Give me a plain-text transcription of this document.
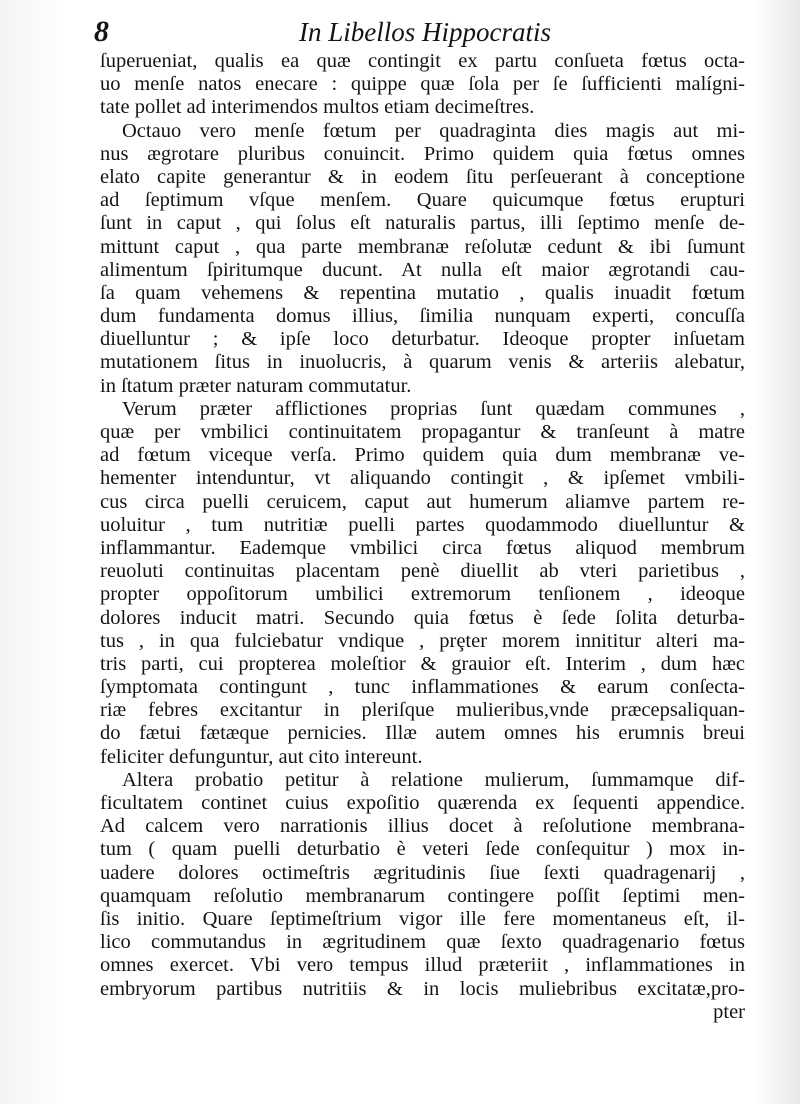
8	In Libellos Hippocratis
ſuperueniat, qualis ea quæ contingit ex partu conſueta fœtus octa-
uo menſe natos enecare : quippe quæ ſola per ſe ſufficienti malígni-
tate pollet ad interimendos multos etiam decimeſtres.
Octauo vero menſe fœtum per quadraginta dies magis aut mi-
nus ægrotare pluribus conuincit. Primo quidem quia fœtus omnes
elato capite generantur & in eodem ſitu perſeuerant à conceptione
ad ſeptimum vſque menſem. Quare quicumque fœtus erupturi
ſunt in caput , qui ſolus eſt naturalis partus, illi ſeptimo menſe de-
mittunt caput , qua parte membranæ reſolutæ cedunt & ibi ſumunt
alimentum ſpiritumque ducunt. At nulla eſt maior ægrotandi cau-
ſa quam vehemens & repentina mutatio , qualis inuadit fœtum
dum fundamenta domus illius, ſimilia nunquam experti, concuſſa
diuelluntur ; & ipſe loco deturbatur. Ideoque propter inſuetam
mutationem ſitus in inuolucris, à quarum venis & arteriis alebatur,
in ſtatum præter naturam commutatur.
Verum præter afflictiones proprias ſunt quædam communes ,
quæ per vmbilici continuitatem propagantur & tranſeunt à matre
ad fœtum viceque verſa. Primo quidem quia dum membranæ ve-
hementer intenduntur, vt aliquando contingit , & ipſemet vmbili-
cus circa puelli ceruicem, caput aut humerum aliamve partem re-
uoluitur , tum nutritiæ puelli partes quodammodo diuelluntur &
inflammantur. Eademque vmbilici circa fœtus aliquod membrum
reuoluti continuitas placentam penè diuellit ab vteri parietibus ,
propter oppoſitorum umbilici extremorum tenſionem , ideoque
dolores inducit matri. Secundo quia fœtus è ſede ſolita deturba-
tus , in qua fulciebatur vndique , prȩter morem innititur alteri ma-
tris parti, cui propterea moleſtior & grauior eſt. Interim , dum hæc
ſymptomata contingunt , tunc inflammationes & earum conſecta-
riæ febres excitantur in pleriſque mulieribus,vnde præcepsaliquan-
do fætui fætæque pernicies. Illæ autem omnes his erumnis breui
feliciter defunguntur, aut cito intereunt.
Altera probatio petitur à relatione mulierum, ſummamque dif-
ficultatem continet cuius expoſitio quærenda ex ſequenti appendice.
Ad calcem vero narrationis illius docet à reſolutione membrana-
tum ( quam puelli deturbatio è veteri ſede conſequitur ) mox in-
uadere dolores octimeſtris ægritudinis ſiue ſexti quadragenarij ,
quamquam reſolutio membranarum contingere poſſit ſeptimi men-
ſis initio. Quare ſeptimeſtrium vigor ille fere momentaneus eſt, il-
lico commutandus in ægritudinem quæ ſexto quadragenario fœtus
omnes exercet. Vbi vero tempus illud præteriit , inflammationes in
embryorum partibus nutritiis & in locis muliebribus excitatæ,pro-
pter
